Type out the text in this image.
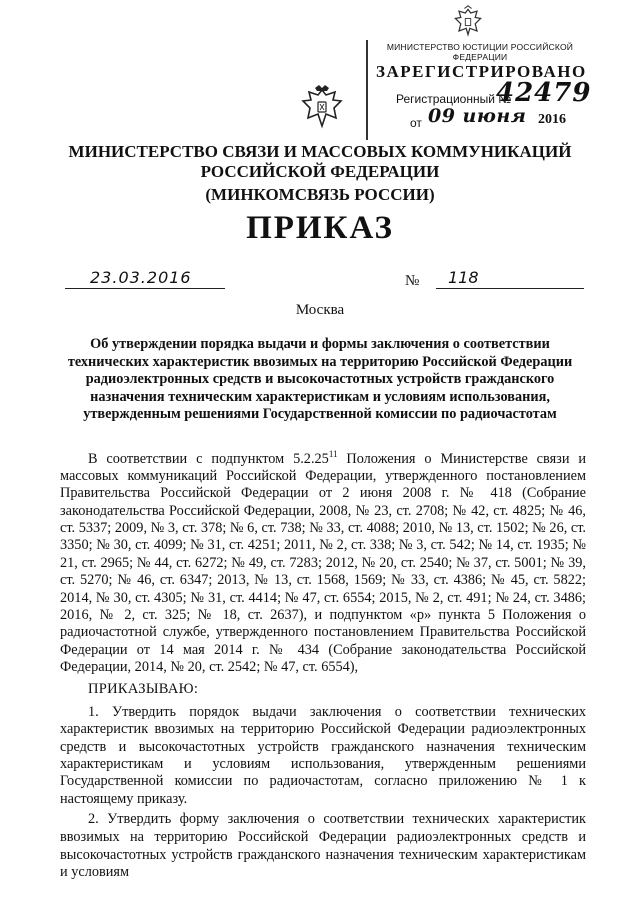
МИНИСТЕРСТВО ЮСТИЦИИ РОССИЙСКОЙ ФЕДЕРАЦИИ
ЗАРЕГИСТРИРОВАНО
Регистрационный №
42479
от 09 июня 2016
МИНИСТЕРСТВО СВЯЗИ И МАССОВЫХ КОММУНИКАЦИЙ РОССИЙСКОЙ ФЕДЕРАЦИИ
(МИНКОМСВЯЗЬ РОССИИ)
ПРИКАЗ
23.03.2016	№ 118
Москва
Об утверждении порядка выдачи и формы заключения о соответствии технических характеристик ввозимых на территорию Российской Федерации радиоэлектронных средств и высокочастотных устройств гражданского назначения техническим характеристикам и условиям использования, утвержденным решениями Государственной комиссии по радиочастотам
В соответствии с подпунктом 5.2.25$^{11}$ Положения о Министерстве связи и массовых коммуникаций Российской Федерации, утвержденного постановлением Правительства Российской Федерации от 2 июня 2008 г. № 418 (Собрание законодательства Российской Федерации, 2008, № 23, ст. 2708; № 42, ст. 4825; № 46, ст. 5337; 2009, № 3, ст. 378; № 6, ст. 738; № 33, ст. 4088; 2010, № 13, ст. 1502; № 26, ст. 3350; № 30, ст. 4099; № 31, ст. 4251; 2011, № 2, ст. 338; № 3, ст. 542; № 14, ст. 1935; № 21, ст. 2965; № 44, ст. 6272; № 49, ст. 7283; 2012, № 20, ст. 2540; № 37, ст. 5001; № 39, ст. 5270; № 46, ст. 6347; 2013, № 13, ст. 1568, 1569; № 33, ст. 4386; № 45, ст. 5822; 2014, № 30, ст. 4305; № 31, ст. 4414; № 47, ст. 6554; 2015, № 2, ст. 491; № 24, ст. 3486; 2016, № 2, ст. 325; № 18, ст. 2637), и подпунктом «р» пункта 5 Положения о радиочастотной службе, утвержденного постановлением Правительства Российской Федерации от 14 мая 2014 г. № 434 (Собрание законодательства Российской Федерации, 2014, № 20, ст. 2542; № 47, ст. 6554),
ПРИКАЗЫВАЮ:
1. Утвердить порядок выдачи заключения о соответствии технических характеристик ввозимых на территорию Российской Федерации радиоэлектронных средств и высокочастотных устройств гражданского назначения техническим характеристикам и условиям использования, утвержденным решениями Государственной комиссии по радиочастотам, согласно приложению № 1 к настоящему приказу.
2. Утвердить форму заключения о соответствии технических характеристик ввозимых на территорию Российской Федерации радиоэлектронных средств и высокочастотных устройств гражданского назначения техническим характеристикам и условиям
